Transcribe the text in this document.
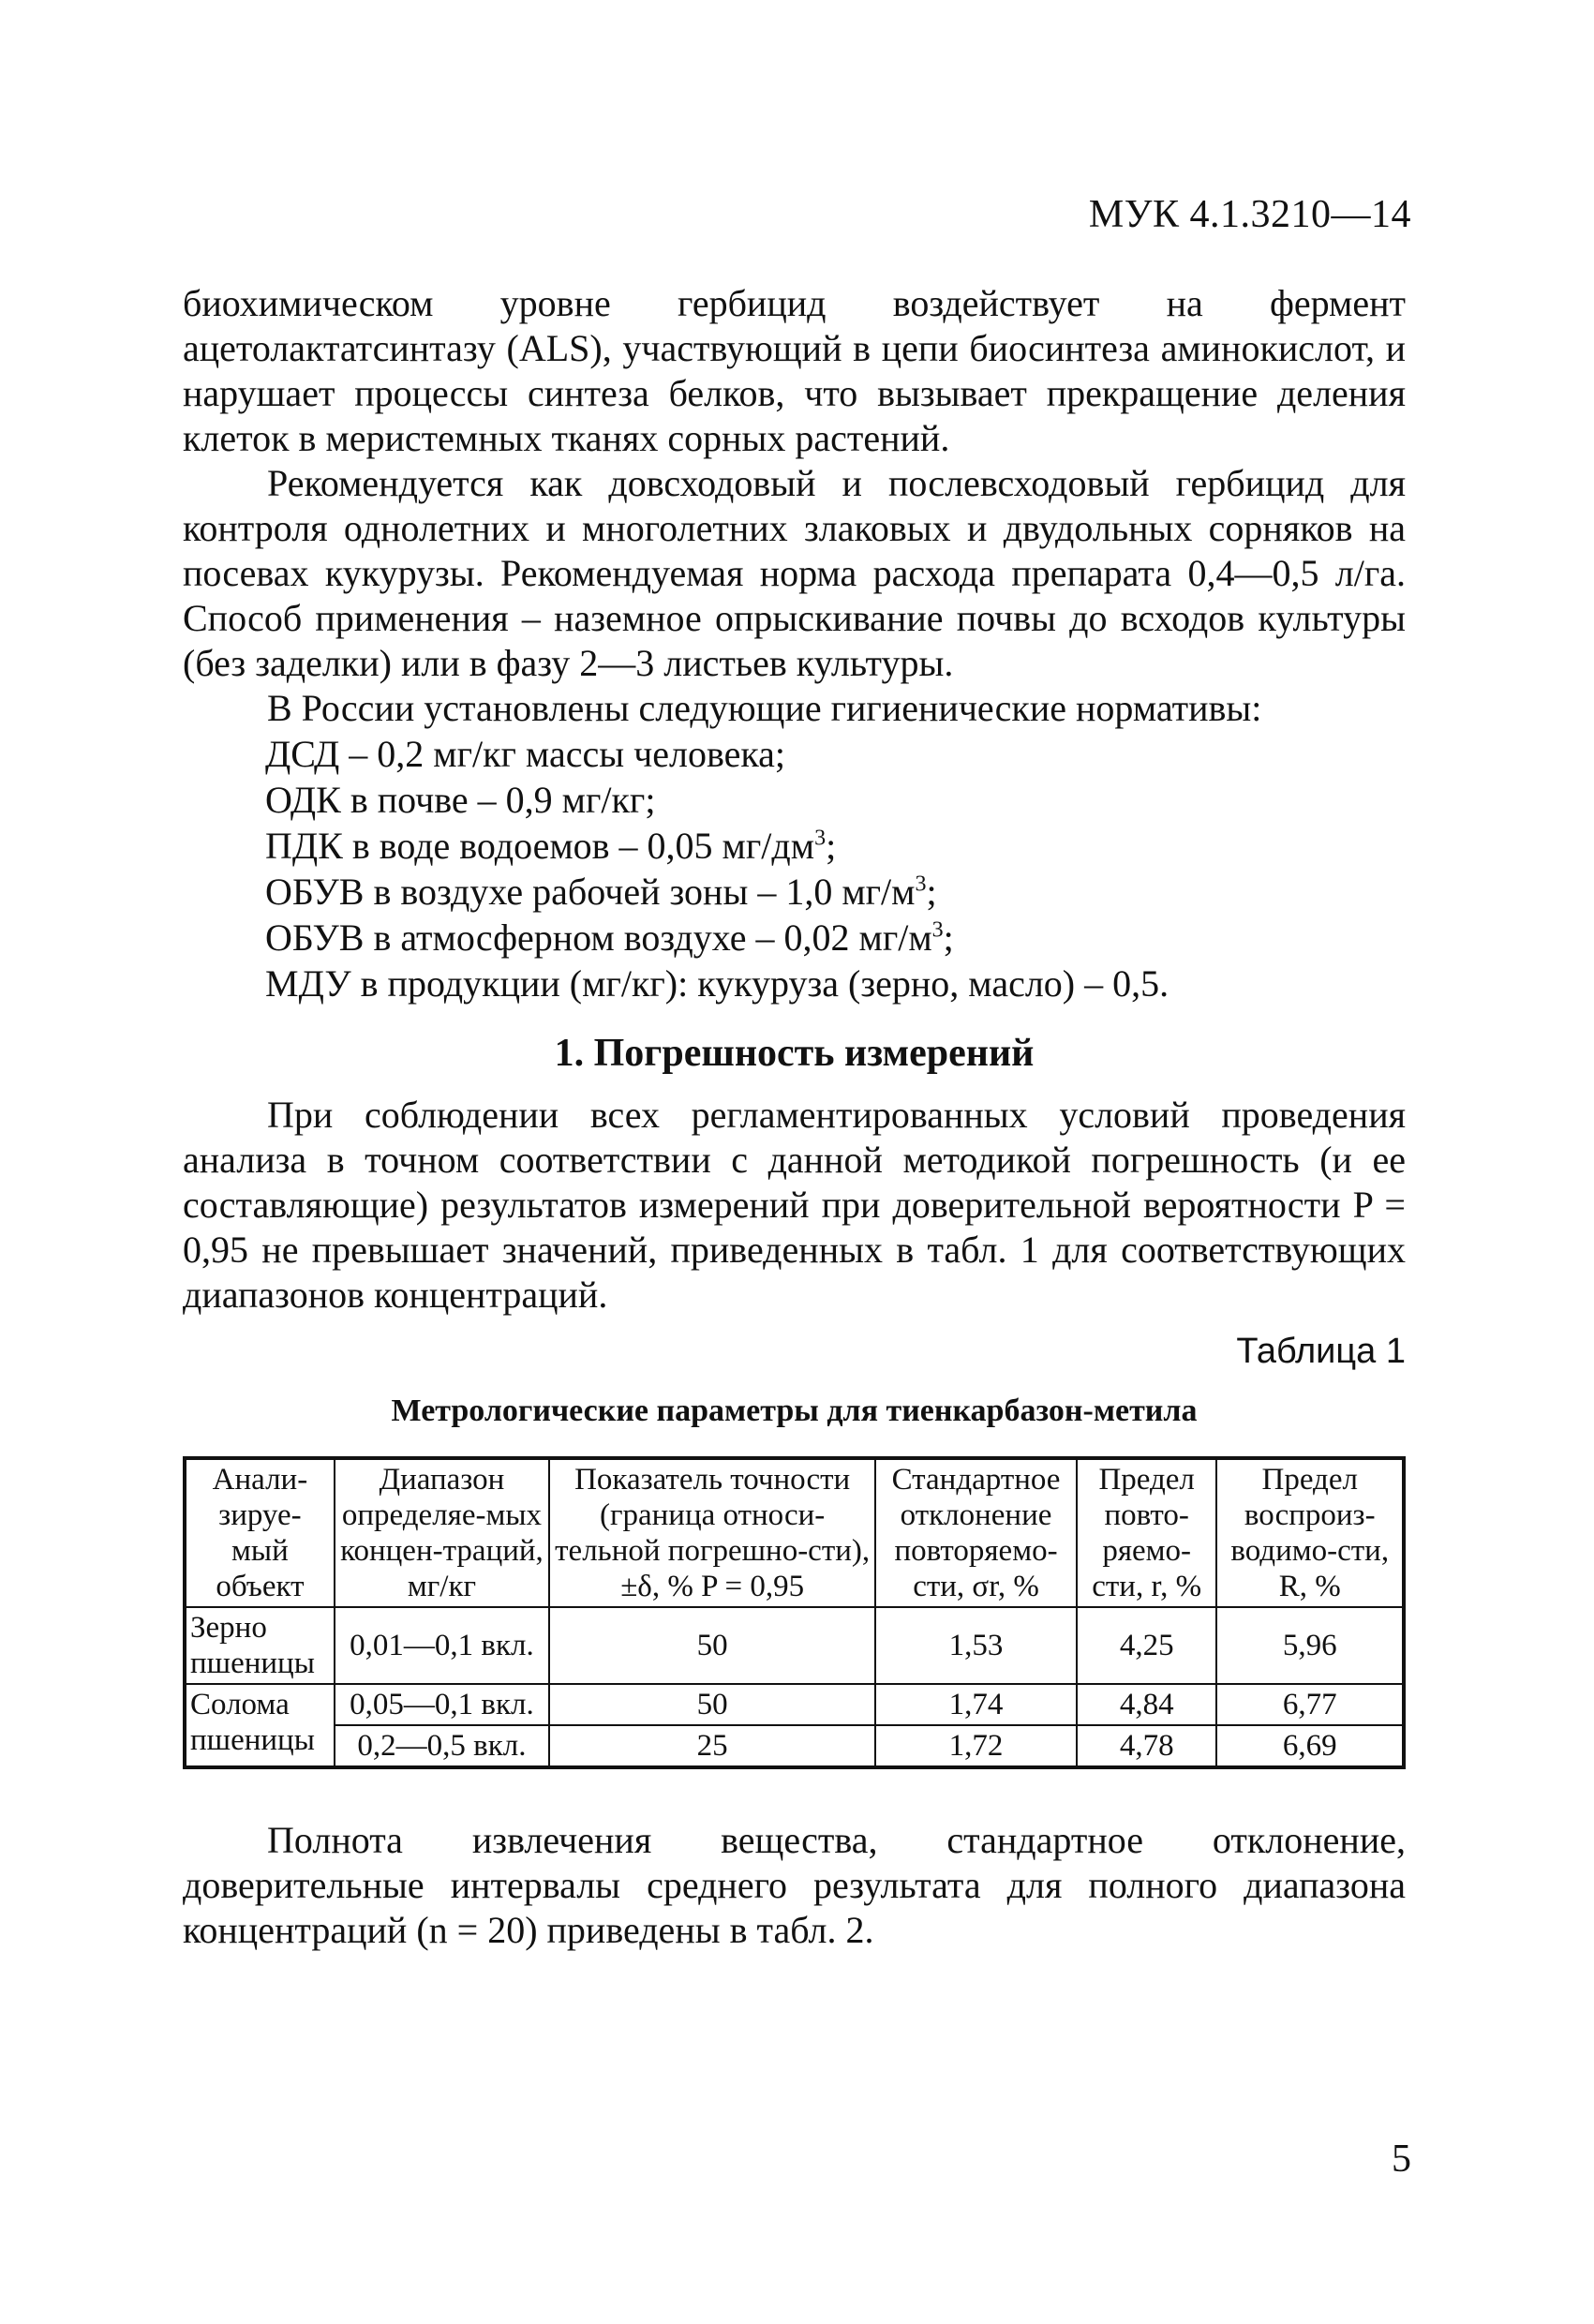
МУК 4.1.3210—14

биохимическом уровне гербицид воздействует на фермент ацетолактатсинтазу (ALS), участвующий в цепи биосинтеза аминокислот, и нарушает процессы синтеза белков, что вызывает прекращение деления клеток в меристемных тканях сорных растений.

Рекомендуется как довсходовый и послевсходовый гербицид для контроля однолетних и многолетних злаковых и двудольных сорняков на посевах кукурузы. Рекомендуемая норма расхода препарата 0,4—0,5 л/га. Способ применения – наземное опрыскивание почвы до всходов культуры (без заделки) или в фазу 2—3 листьев культуры.

В России установлены следующие гигиенические нормативы:

ДСД – 0,2 мг/кг массы человека;
ОДК в почве – 0,9 мг/кг;
ПДК в воде водоемов – 0,05 $мг/дм^3$;
ОБУВ в воздухе рабочей зоны – 1,0 $мг/м^3$;
ОБУВ в атмосферном воздухе – 0,02 $мг/м^3$;
МДУ в продукции (мг/кг): кукуруза (зерно, масло) – 0,5.
1. Погрешность измерений

При соблюдении всех регламентированных условий проведения анализа в точном соответствии с данной методикой погрешность (и ее составляющие) результатов измерений при доверительной вероятности P = 0,95 не превышает значений, приведенных в табл. 1 для соответствующих диапазонов концентраций.

Таблица 1
Метрологические параметры для тиенкарбазон-метила
Анали-зируе-мый объект	Диапазон определяе-мых концен-траций, мг/кг	Показатель точности (граница относи-тельной погрешно-сти), ±δ, % P = 0,95	Стандартное отклонение повторяемо-сти, σr, %	Предел повто-ряемо-сти, r, %	Предел воспроиз-водимо-сти, R, %
Зерно пшеницы	0,01—0,1 вкл.	50	1,53	4,25	5,96
Солома пшеницы	0,05—0,1 вкл.	50	1,74	4,84	6,77
	0,2—0,5 вкл.	25	1,72	4,78	6,69

Полнота извлечения вещества, стандартное отклонение, доверительные интервалы среднего результата для полного диапазона концентраций (n = 20) приведены в табл. 2.

5
